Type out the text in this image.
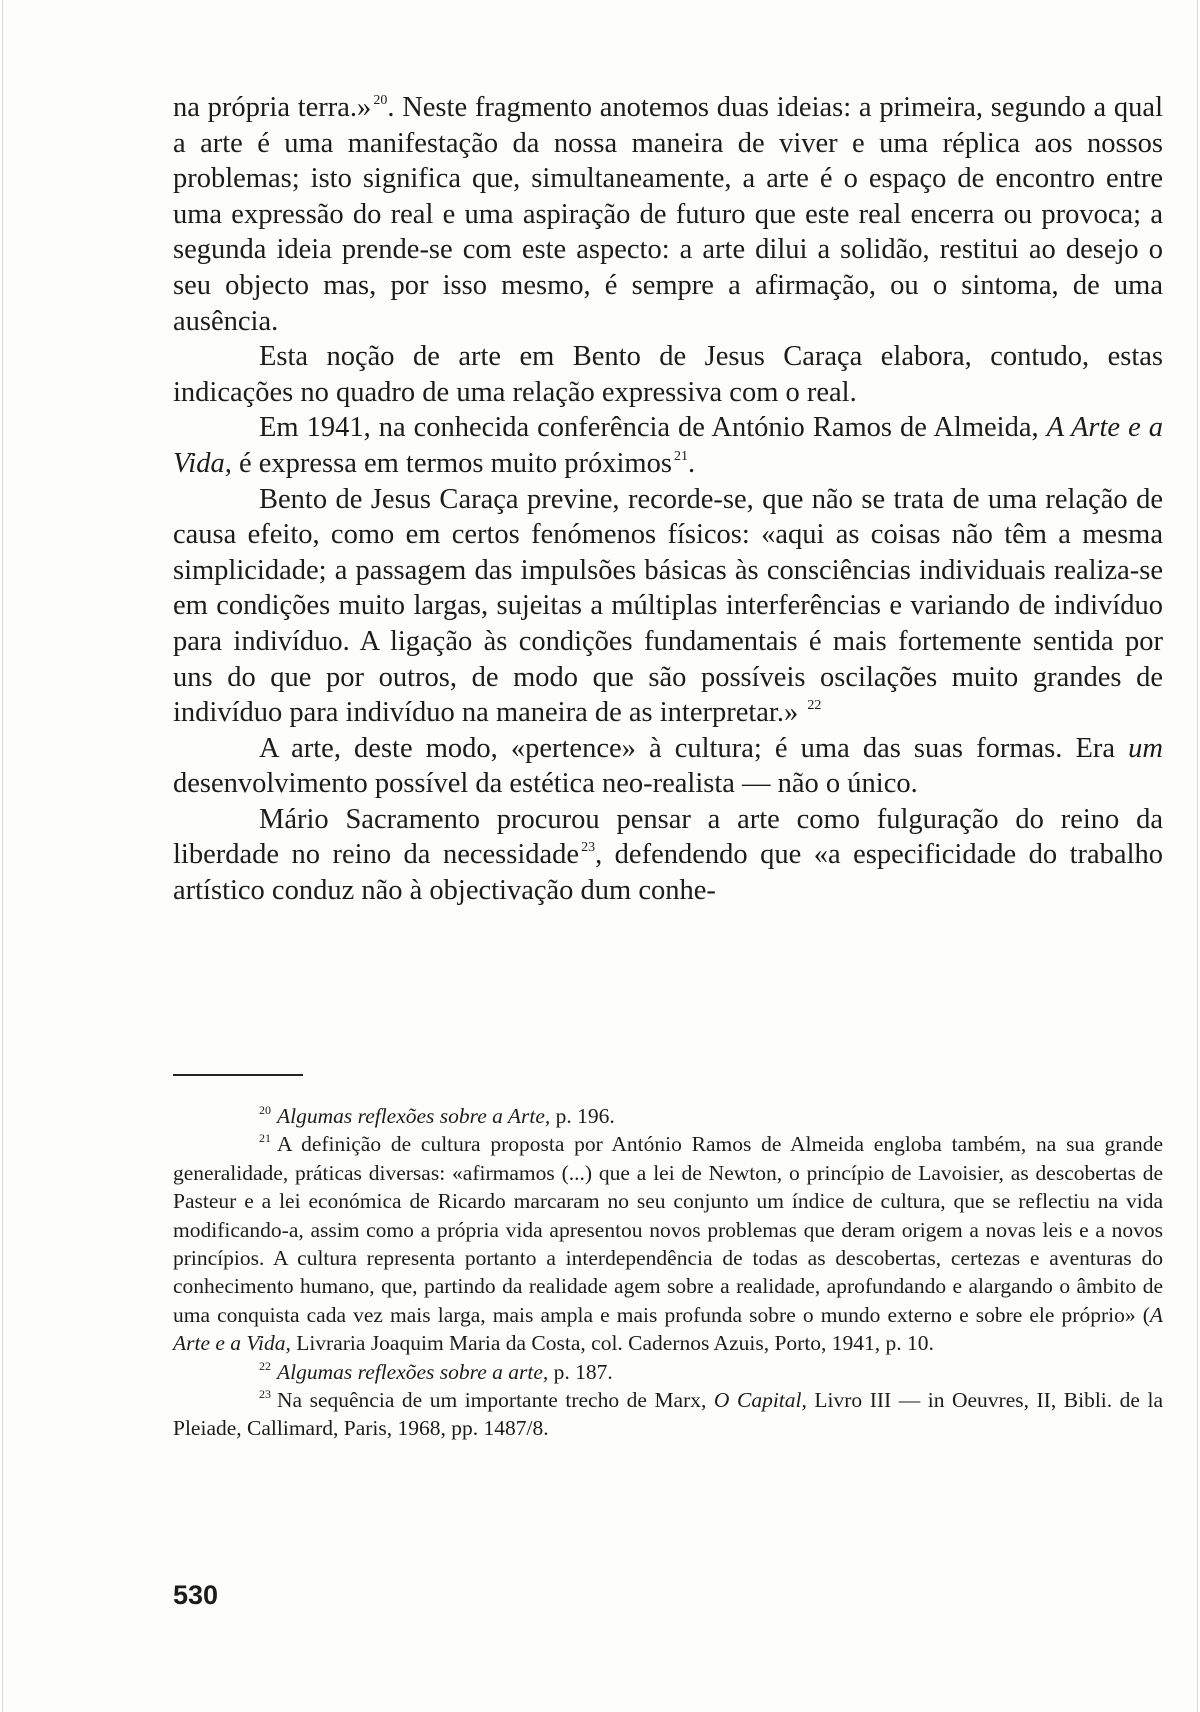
na própria terra.» $^{20}$. Neste fragmento anotemos duas ideias: a primeira, segundo a qual a arte é uma manifestação da nossa maneira de viver e uma réplica aos nossos problemas; isto significa que, simultaneamente, a arte é o espaço de encontro entre uma expressão do real e uma aspiração de futuro que este real encerra ou provoca; a segunda ideia prende-se com este aspecto: a arte dilui a solidão, restitui ao desejo o seu objecto mas, por isso mesmo, é sempre a afirmação, ou o sintoma, de uma ausência.

Esta noção de arte em Bento de Jesus Caraça elabora, contudo, estas indicações no quadro de uma relação expressiva com o real.

Em 1941, na conhecida conferência de António Ramos de Almeida, A Arte e a Vida, é expressa em termos muito próximos $^{21}$.

Bento de Jesus Caraça previne, recorde-se, que não se trata de uma relação de causa efeito, como em certos fenómenos físicos: «aqui as coisas não têm a mesma simplicidade; a passagem das impulsões básicas às consciências individuais realiza-se em condições muito largas, sujeitas a múltiplas interferências e variando de indivíduo para indivíduo. A ligação às condições fundamentais é mais fortemente sentida por uns do que por outros, de modo que são possíveis oscilações muito grandes de indivíduo para indivíduo na maneira de as interpretar.» $^{22}$

A arte, deste modo, «pertence» à cultura; é uma das suas formas. Era um desenvolvimento possível da estética neo-realista — não o único.

Mário Sacramento procurou pensar a arte como fulguração do reino da liberdade no reino da necessidade $^{23}$, defendendo que «a especificidade do trabalho artístico conduz não à objectivação dum conhe-

$^{20}$ Algumas reflexões sobre a Arte, p. 196.

$^{21}$ A definição de cultura proposta por António Ramos de Almeida engloba também, na sua grande generalidade, práticas diversas: «afirmamos (...) que a lei de Newton, o princípio de Lavoisier, as descobertas de Pasteur e a lei económica de Ricardo marcaram no seu conjunto um índice de cultura, que se reflectiu na vida modificando-a, assim como a própria vida apresentou novos problemas que deram origem a novas leis e a novos princípios. A cultura representa portanto a interdependência de todas as descobertas, certezas e aventuras do conhecimento humano, que, partindo da realidade agem sobre a realidade, aprofundando e alargando o âmbito de uma conquista cada vez mais larga, mais ampla e mais profunda sobre o mundo externo e sobre ele próprio» (A Arte e a Vida, Livraria Joaquim Maria da Costa, col. Cadernos Azuis, Porto, 1941, p. 10.

$^{22}$ Algumas reflexões sobre a arte, p. 187.

$^{23}$ Na sequência de um importante trecho de Marx, O Capital, Livro III — in Oeuvres, II, Bibli. de la Pleiade, Callimard, Paris, 1968, pp. 1487/8.

530
